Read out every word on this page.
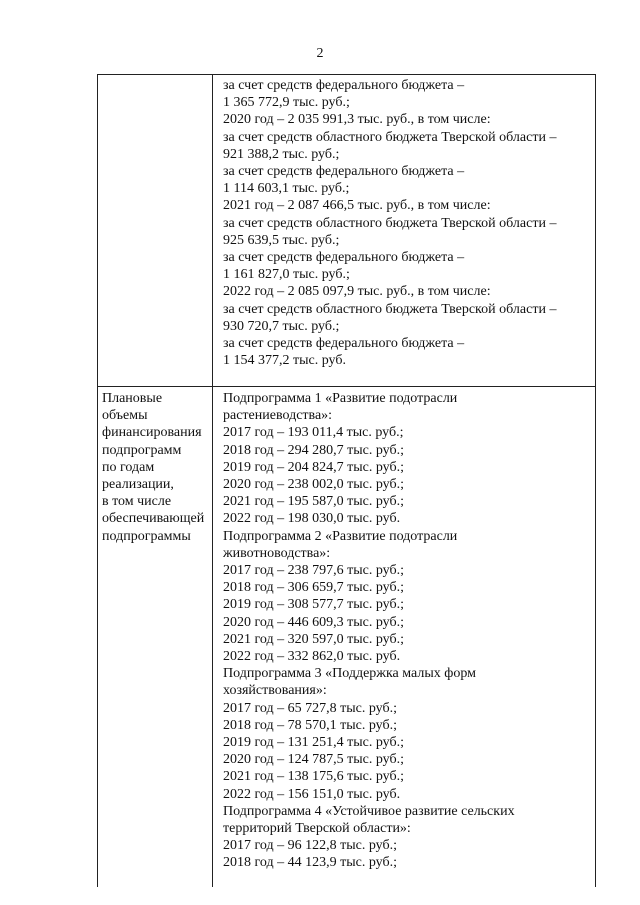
2
за счет средств федерального бюджета –
1 365 772,9 тыс. руб.;
2020 год – 2 035 991,3 тыс. руб., в том числе:
за счет средств областного бюджета Тверской области –
921 388,2 тыс. руб.;
за счет средств федерального бюджета –
1 114 603,1 тыс. руб.;
2021 год – 2 087 466,5 тыс. руб., в том числе:
за счет средств областного бюджета Тверской области –
925 639,5 тыс. руб.;
за счет средств федерального бюджета –
1 161 827,0 тыс. руб.;
2022 год – 2 085 097,9 тыс. руб., в том числе:
за счет средств областного бюджета Тверской области –
930 720,7 тыс. руб.;
за счет средств федерального бюджета –
1 154 377,2 тыс. руб.
Плановые
объемы
финансирования
подпрограмм
по годам
реализации,
в том числе
обеспечивающей
подпрограммы
Подпрограмма 1 «Развитие подотрасли
растениеводства»:
2017 год – 193 011,4 тыс. руб.;
2018 год – 294 280,7 тыс. руб.;
2019 год – 204 824,7 тыс. руб.;
2020 год – 238 002,0 тыс. руб.;
2021 год – 195 587,0 тыс. руб.;
2022 год – 198 030,0 тыс. руб.
Подпрограмма 2 «Развитие подотрасли
животноводства»:
2017 год – 238 797,6 тыс. руб.;
2018 год – 306 659,7 тыс. руб.;
2019 год – 308 577,7 тыс. руб.;
2020 год – 446 609,3 тыс. руб.;
2021 год – 320 597,0 тыс. руб.;
2022 год – 332 862,0 тыс. руб.
Подпрограмма 3 «Поддержка малых форм
хозяйствования»:
2017 год – 65 727,8 тыс. руб.;
2018 год – 78 570,1 тыс. руб.;
2019 год – 131 251,4 тыс. руб.;
2020 год – 124 787,5 тыс. руб.;
2021 год – 138 175,6 тыс. руб.;
2022 год – 156 151,0 тыс. руб.
Подпрограмма 4 «Устойчивое развитие сельских
территорий Тверской области»:
2017 год – 96 122,8 тыс. руб.;
2018 год – 44 123,9 тыс. руб.;
